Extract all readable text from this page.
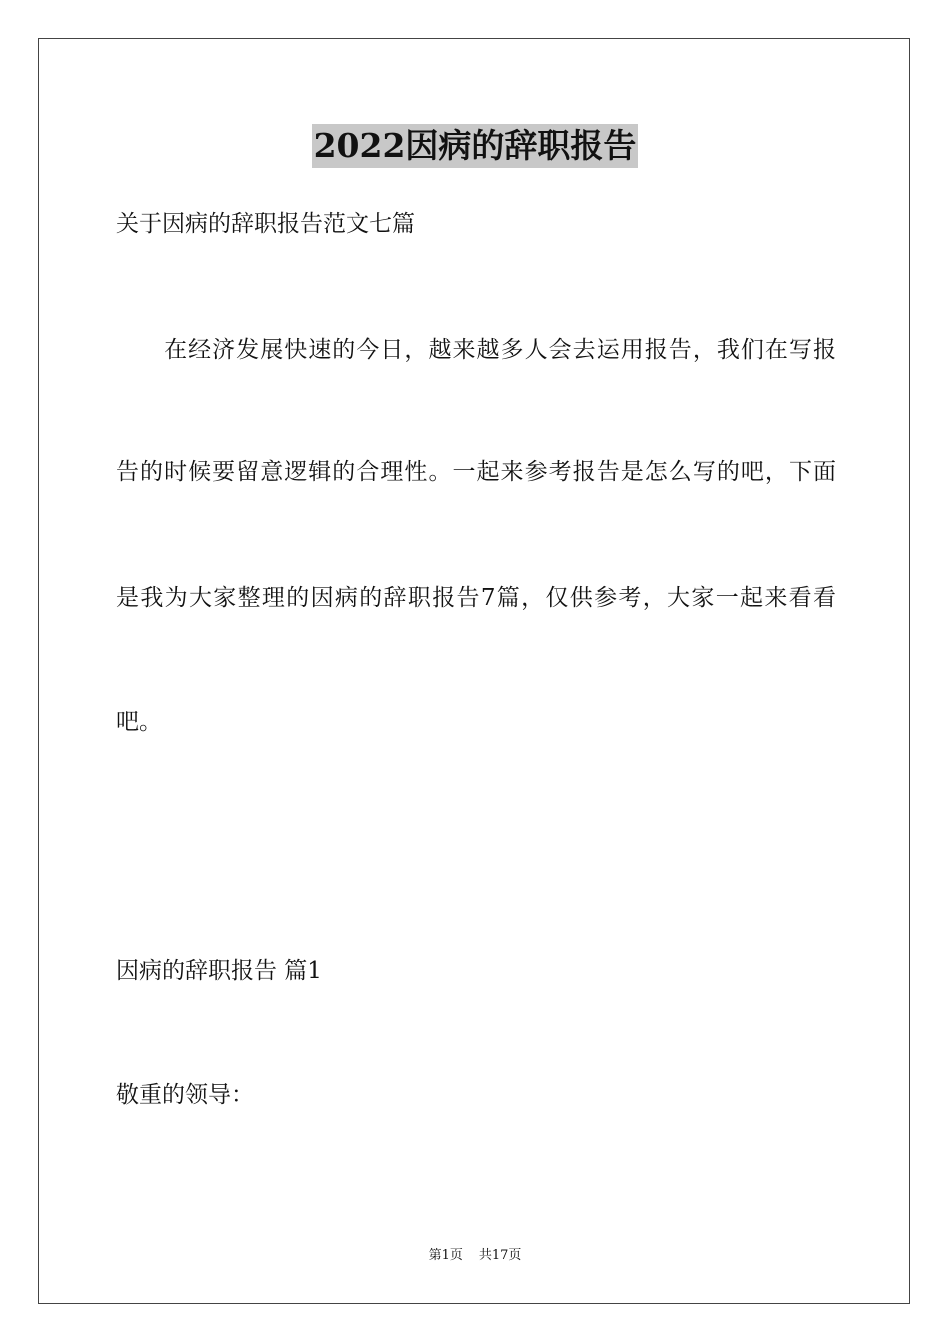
2022因病的辞职报告
关于因病的辞职报告范文七篇
　　在经济发展快速的今日，越来越多人会去运用报告，我们在写报
告的时候要留意逻辑的合理性。一起来参考报告是怎么写的吧，下面
是我为大家整理的因病的辞职报告7篇，仅供参考，大家一起来看看
吧。
因病的辞职报告 篇1
敬重的领导：
第1页 共17页
